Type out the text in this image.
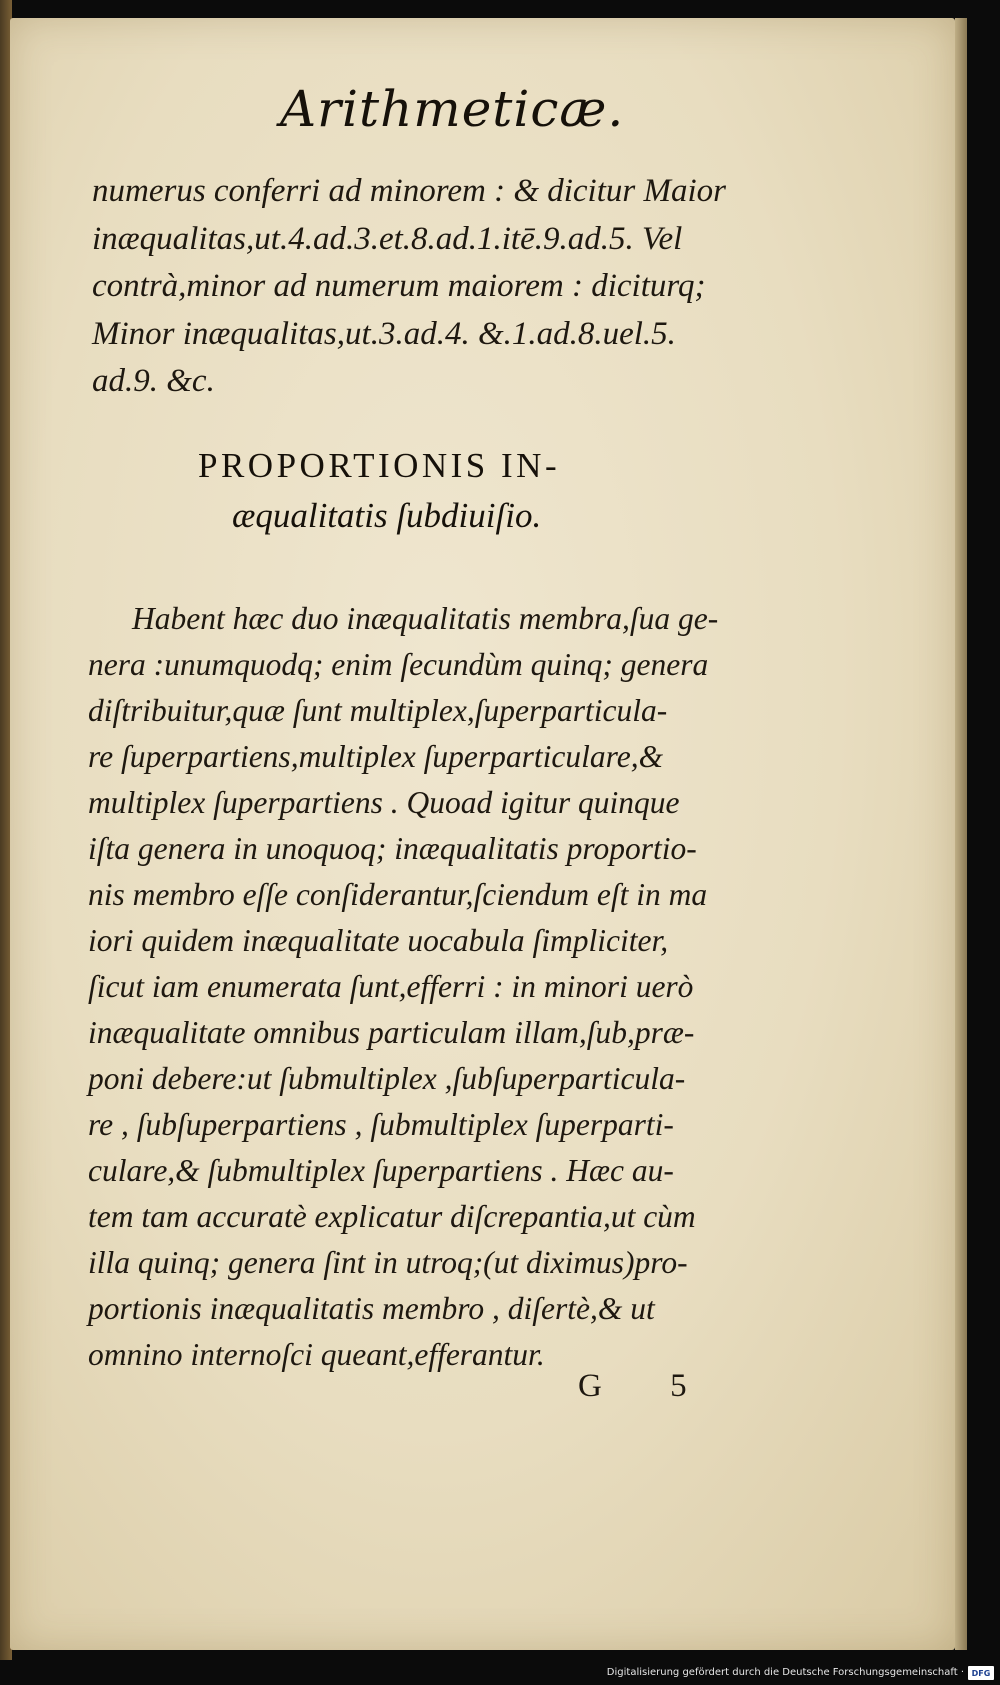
Arithmeticæ.
numerus conferri ad minorem : & dicitur Maior
inæqualitas,ut.4.ad.3.et.8.ad.1.itē.9.ad.5. Vel
contrà,minor ad numerum maiorem : diciturq;
Minor inæqualitas,ut.3.ad.4. &.1.ad.8.uel.5.
ad.9. &c.
PROPORTIONIS IN-
æqualitatis ſubdiuiſio.
Habent hæc duo inæqualitatis membra,ſua ge-
nera :unumquodq; enim ſecundùm quinq; genera
diſtribuitur,quæ ſunt multiplex,ſuperparticula-
re ſuperpartiens,multiplex ſuperparticulare,&
multiplex ſuperpartiens . Quoad igitur quinque
iſta genera in unoquoq; inæqualitatis proportio-
nis membro eſſe conſiderantur,ſciendum eſt in ma
iori quidem inæqualitate uocabula ſimpliciter,
ſicut iam enumerata ſunt,efferri : in minori uerò
inæqualitate omnibus particulam illam,ſub,præ-
poni debere:ut ſubmultiplex ,ſubſuperparticula-
re , ſubſuperpartiens , ſubmultiplex ſuperparti-
culare,& ſubmultiplex ſuperpartiens . Hæc au-
tem tam accuratè explicatur diſcrepantia,ut cùm
illa quinq; genera ſint in utroq;(ut diximus)pro-
portionis inæqualitatis membro , diſertè,& ut
omnino internoſci queant,efferantur.
G 5
Digitalisierung gefördert durch die Deutsche Forschungsgemeinschaft · DFG
